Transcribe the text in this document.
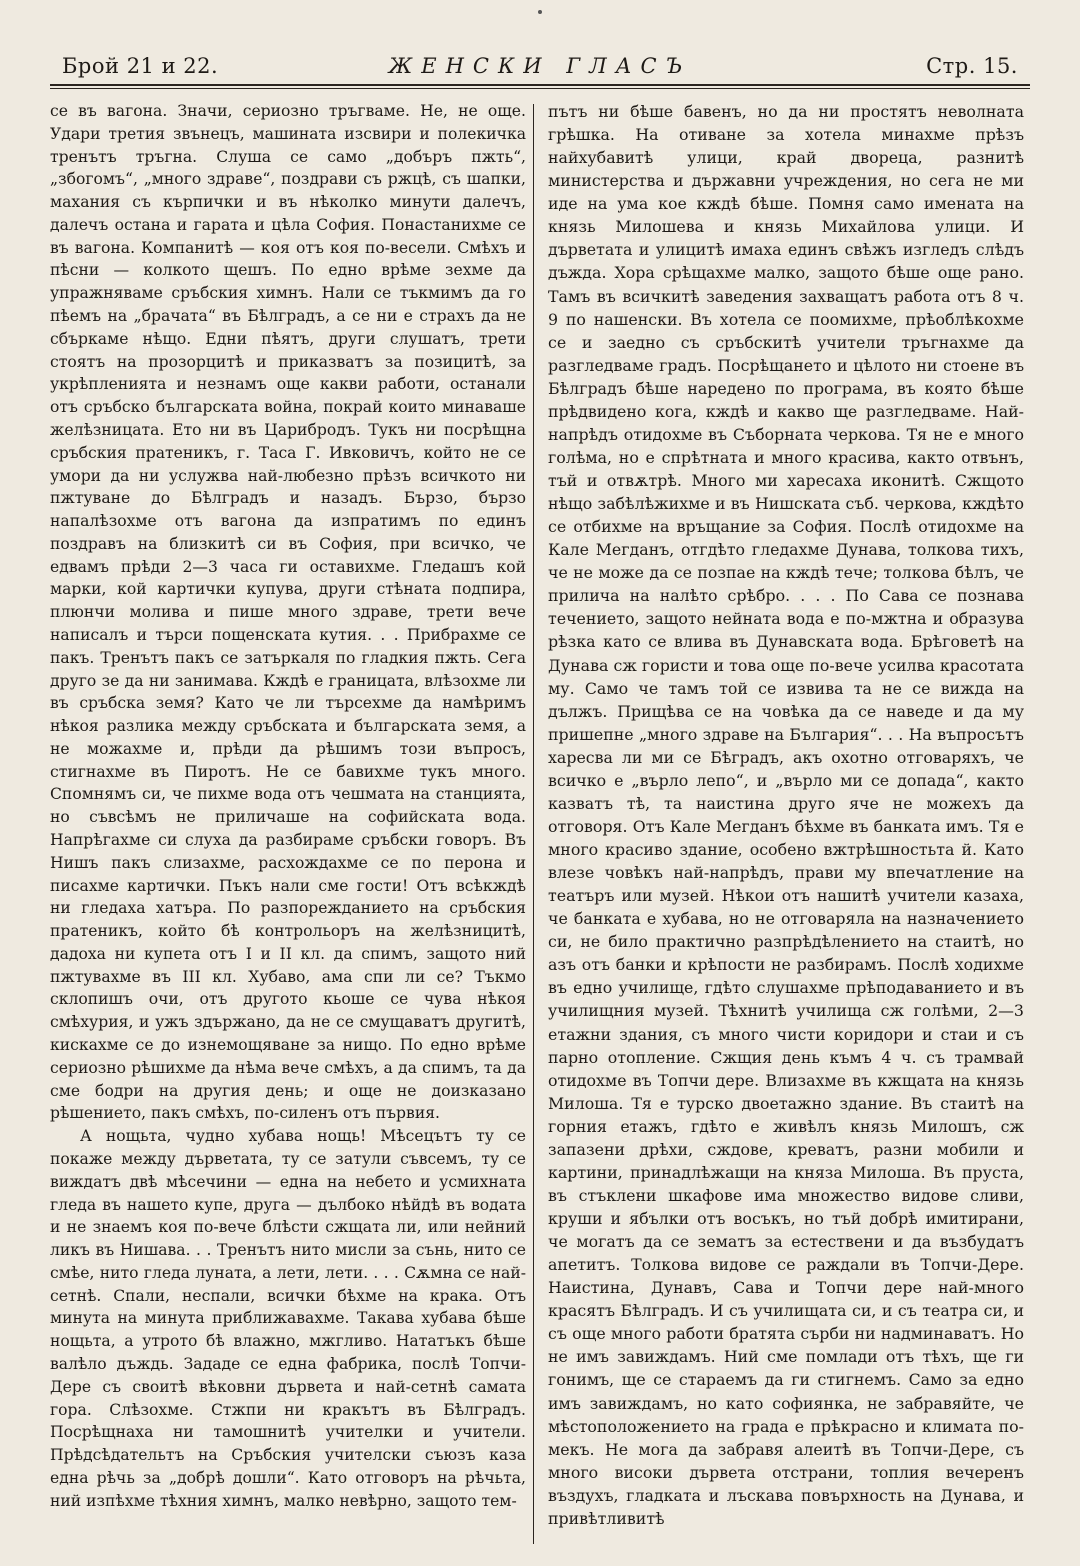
Брой 21 и 22.	ЖЕНСКИ ГЛАСЪ	Стр. 15.

се въ вагона. Значи, сериозно тръгваме. Не, не още. Удари третия звънецъ, машината изсвири и полекичка тренътъ тръгна. Слуша се само „добъръ пжть“, „збогомъ“, „много здраве“, поздрави съ ржцѣ, съ шапки, махания съ кърпички и въ нѣколко минути далечъ, далечъ остана и гарата и цѣла София. Понастанихме се въ вагона. Компанитѣ — коя отъ коя по-весели. Смѣхъ и пѣсни — колкото щешъ. По едно врѣме зехме да упражняваме сръбския химнъ. Нали се тъкмимъ да го пѣемъ на „брачата“ въ Бѣлградъ, а се ни е страхъ да не сбъркаме нѣщо. Едни пѣятъ, други слушатъ, трети стоятъ на прозорцитѣ и приказватъ за позицитѣ, за укрѣпленията и незнамъ още какви работи, останали отъ сръбско българската война, покрай които минаваше желѣзницата. Ето ни въ Царибродъ. Тукъ ни посрѣщна сръбския пратеникъ, г. Таса Г. Ивковичъ, който не се умори да ни услужва най-любезно прѣзъ всичкото ни пжтуване до Бѣлградъ и назадъ. Бързо, бързо напалѣзохме отъ вагона да изпратимъ по единъ поздравъ на близкитѣ си въ София, при всичко, че едвамъ прѣди 2—3 часа ги оставихме. Гледашъ кой марки, кой картички купува, други стѣната подпира, плюнчи молива и пише много здраве, трети вече написалъ и търси пощенската кутия. . . Прибрахме се пакъ. Тренътъ пакъ се затъркаля по гладкия пжть. Сега друго зе да ни занимава. Кждѣ е границата, влѣзохме ли въ сръбска земя? Като че ли търсехме да намѣримъ нѣкоя разлика между сръбската и българската земя, а не можахме и, прѣди да рѣшимъ този въпросъ, стигнахме въ Пиротъ. Не се бавихме тукъ много. Спомнямъ си, че пихме вода отъ чешмата на станцията, но съвсѣмъ не приличаше на софийската вода. Напрѣгахме си слуха да разбираме сръбски говоръ. Въ Нишъ пакъ слизахме, расхождахме се по перона и писахме картички. Пъкъ нали сме гости! Отъ всѣкждѣ ни гледаха хатъра. По разпорежданието на сръбския пратеникъ, който бѣ контрольоръ на желѣзницитѣ, дадоха ни купета отъ I и II кл. да спимъ, защото ний пжтувахме въ III кл. Хубаво, ама спи ли се? Тъкмо склопишъ очи, отъ другото кьоше се чува нѣкоя смѣхурия, и ужъ здържано, да не се смущаватъ другитѣ, кискахме се до изнемощяване за нищо. По едно врѣме сериозно рѣшихме да нѣма вече смѣхъ, а да спимъ, та да сме бодри на другия день; и още не доизказано рѣшението, пакъ смѣхъ, по-силенъ отъ първия.

А нощьта, чудно хубава нощь! Мѣсецътъ ту се покаже между дърветата, ту се затули съвсемъ, ту се виждатъ двѣ мѣсечини — една на небето и усмихната гледа въ нашето купе, друга — дълбоко нѣйдѣ въ водата и не знаемъ коя по-вече блѣсти сжщата ли, или нейний ликъ въ Нишава. . . Тренътъ нито мисли за сънь, нито се смѣе, нито гледа луната, а лети, лети. . . . Сѫмна се най-сетнѣ. Спали, неспали, всички бѣхме на крака. Отъ минута на минута приближавахме. Такава хубава бѣше нощьта, а утрото бѣ влажно, мжгливо. Нататъкъ бѣше валѣло дъждь. Зададе се една фабрика, послѣ Топчи-Дере съ своитѣ вѣковни дървета и най-сетнѣ самата гора. Слѣзохме. Стжпи ни кракътъ въ Бѣлградъ. Посрѣщнаха ни тамошнитѣ учителки и учители. Прѣдсѣдательтъ на Сръбския учителски съюзъ каза една рѣчь за „добрѣ дошли“. Като отговоръ на рѣчьта, ний изпѣхме тѣхния химнъ, малко невѣрно, защото тем-

пътъ ни бѣше бавенъ, но да ни простятъ неволната грѣшка. На отиване за хотела минахме прѣзъ найхубавитѣ улици, край двореца, разнитѣ министерства и държавни учреждения, но сега не ми иде на ума кое кждѣ бѣше. Помня само имената на князь Милошева и князь Михайлова улици. И дърветата и улицитѣ имаха единъ свѣжъ изгледъ слѣдъ дъжда. Хора срѣщахме малко, защото бѣше още рано. Тамъ въ всичкитѣ заведения захващатъ работа отъ 8 ч. 9 по нашенски. Въ хотела се поомихме, прѣоблѣкохме се и заедно съ сръбскитѣ учители тръгнахме да разгледваме градъ. Посрѣщането и цѣлото ни стоене въ Бѣлградъ бѣше наредено по програма, въ която бѣше прѣдвидено кога, кждѣ и какво ще разгледваме. Най-напрѣдъ отидохме въ Съборната черкова. Тя не е много голѣма, но е спрѣтната и много красива, както отвънъ, тъй и отвѫтрѣ. Много ми харесаха иконитѣ. Сжщото нѣщо забѣлѣжихме и въ Нишската съб. черкова, кждѣто се отбихме на връщание за София. Послѣ отидохме на Кале Мегданъ, отгдѣто гледахме Дунава, толкова тихъ, че не може да се позпае на кждѣ тече; толкова бѣлъ, че прилича на налѣто срѣбро. . . . По Сава се познава течението, защото нейната вода е по-мжтна и образува рѣзка като се влива въ Дунавската вода. Брѣговетѣ на Дунава сж гористи и това още по-вече усилва красотата му. Само че тамъ той се извива та не се вижда на дължъ. Прищѣва се на човѣка да се наведе и да му пришепне „много здраве на България“. . . На въпросътъ харесва ли ми се Бѣгрaдъ, акъ охотно отговаряхъ, че всичко е „върло лепо“, и „върло ми се допада“, както казватъ тѣ, та наистина друго яче не можехъ да отговоря. Отъ Кале Мегданъ бѣхме въ банката имъ. Тя е много красиво здание, особено вжтрѣшностьта й. Като влезе човѣкъ най-напрѣдъ, прави му впечатление на театъръ или музей. Нѣкои отъ нашитѣ учители казаха, че банката е хубава, но не отговаряла на назначението си, не било практично разпрѣдѣлението на стаитѣ, но азъ отъ банки и крѣпости не разбирамъ. Послѣ ходихме въ едно училище, гдѣто слушахме прѣподаванието и въ училищния музей. Тѣхнитѣ училища сж голѣми, 2—3 етажни здания, съ много чисти коридори и стаи и съ парно отопление. Сжщия день къмъ 4 ч. съ трамвай отидохме въ Топчи дере. Влизахме въ кжщата на князь Милоша. Тя е турско двоетажно здание. Въ стаитѣ на горния етажъ, гдѣто е живѣлъ князь Милошъ, сж запазени дрѣхи, сждове, креватъ, разни мобили и картини, принадлѣжащи на княза Милоша. Въ пруста, въ стъклени шкафове има множество видове сливи, круши и ябълки отъ восъкъ, но тъй добрѣ имитирани, че могатъ да се зематъ за естествени и да възбудатъ апетитъ. Толкова видове се раждали въ Топчи-Дере. Наистина, Дунавъ, Сава и Топчи дере най-много красятъ Бѣлградъ. И съ училищата си, и съ театра си, и съ още много работи братята сърби ни надминаватъ. Но не имъ завиждамъ. Ний сме помлади отъ тѣхъ, ще ги гонимъ, ще се стараемъ да ги стигнемъ. Само за едно имъ завиждамъ, но като софиянка, не забравяйте, че мѣстоположението на града е прѣкрасно и климата по-мекъ. Не мога да забравя алеитѣ въ Топчи-Дере, съ много високи дървета отстрани, топлия вечеренъ въздухъ, гладката и лъскава повърхность на Дунава, и привѣтливитѣ
